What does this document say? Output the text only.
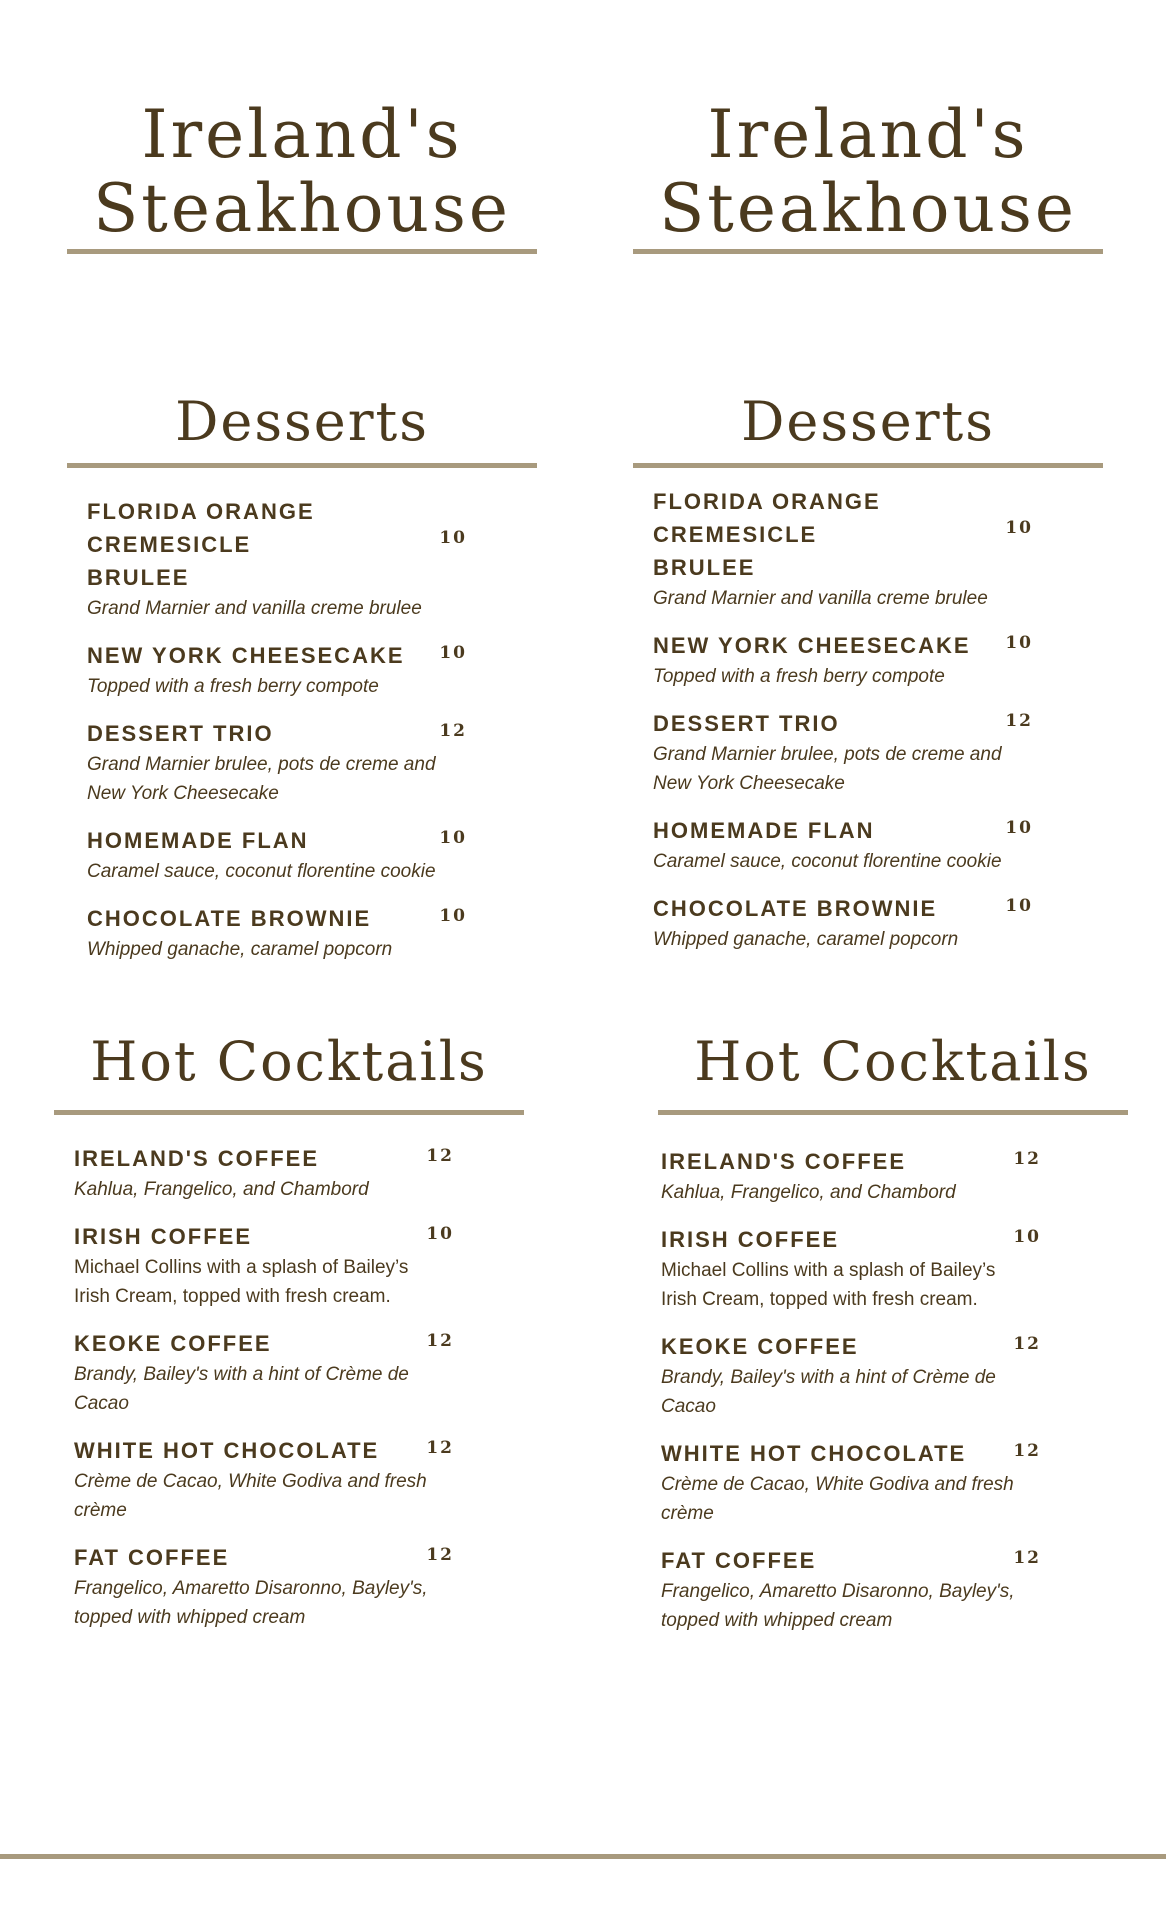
Ireland's Steakhouse
Desserts
FLORIDA ORANGE CREMESICLE BRULEE
10
Grand Marnier and vanilla creme brulee
NEW YORK CHEESECAKE	10
Topped with a fresh berry compote
DESSERT TRIO	12
Grand Marnier brulee, pots de creme and New York Cheesecake
HOMEMADE FLAN	10
Caramel sauce, coconut florentine cookie
CHOCOLATE BROWNIE	10
Whipped ganache, caramel popcorn
Hot Cocktails
IRELAND'S COFFEE	12
Kahlua, Frangelico, and Chambord
IRISH COFFEE	10
Michael Collins with a splash of Bailey’s Irish Cream, topped with fresh cream.
KEOKE COFFEE	12
Brandy, Bailey's with a hint of Crème de Cacao
WHITE HOT CHOCOLATE	12
Crème de Cacao, White Godiva and fresh crème
FAT COFFEE	12
Frangelico, Amaretto Disaronno, Bayley's, topped with whipped cream
Ireland's Steakhouse
Desserts
FLORIDA ORANGE CREMESICLE BRULEE
10
Grand Marnier and vanilla creme brulee
NEW YORK CHEESECAKE	10
Topped with a fresh berry compote
DESSERT TRIO	12
Grand Marnier brulee, pots de creme and New York Cheesecake
HOMEMADE FLAN	10
Caramel sauce, coconut florentine cookie
CHOCOLATE BROWNIE	10
Whipped ganache, caramel popcorn
Hot Cocktails
IRELAND'S COFFEE	12
Kahlua, Frangelico, and Chambord
IRISH COFFEE	10
Michael Collins with a splash of Bailey’s Irish Cream, topped with fresh cream.
KEOKE COFFEE	12
Brandy, Bailey's with a hint of Crème de Cacao
WHITE HOT CHOCOLATE	12
Crème de Cacao, White Godiva and fresh crème
FAT COFFEE	12
Frangelico, Amaretto Disaronno, Bayley's, topped with whipped cream
